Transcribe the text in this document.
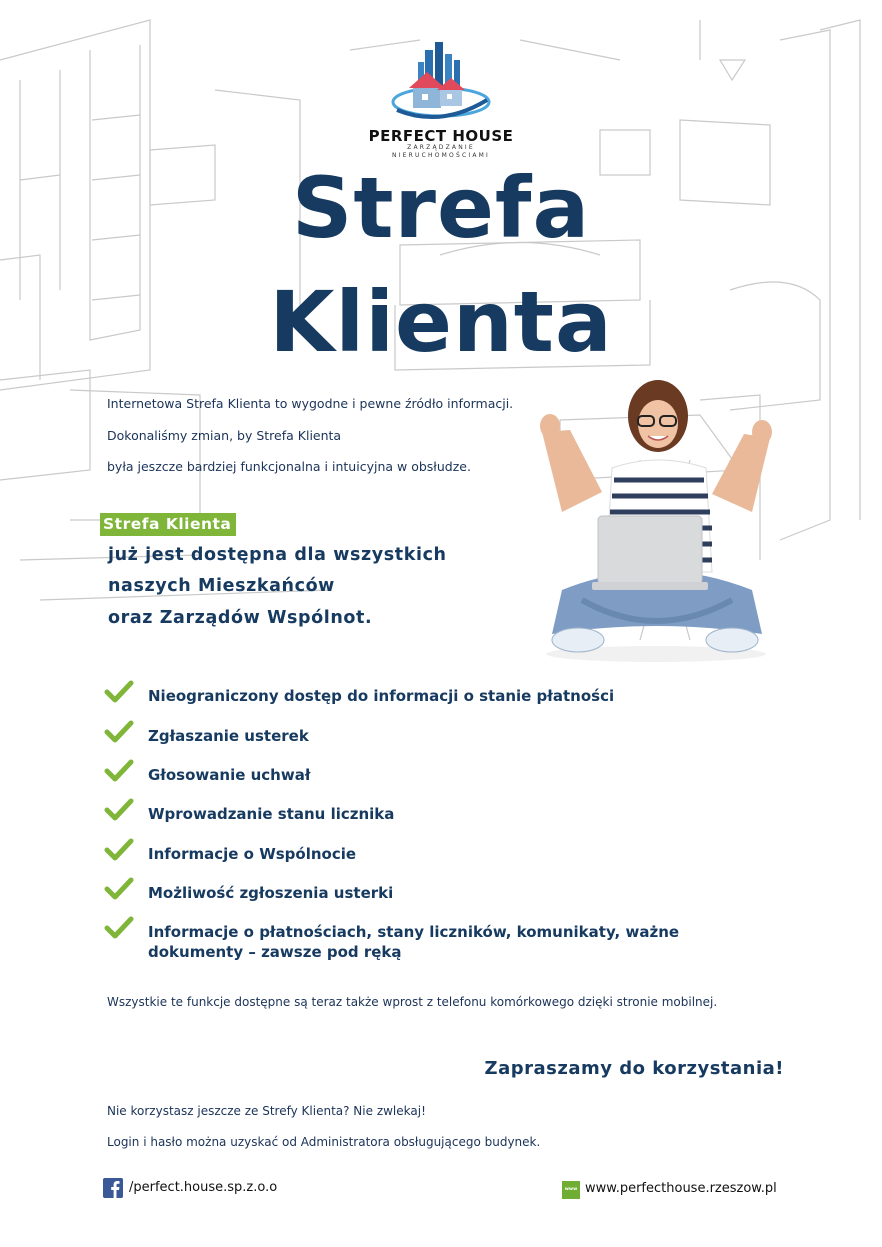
PERFECT HOUSE
ZARZĄDZANIE
NIERUCHOMOŚCIAMI
Strefa
Klienta
Internetowa Strefa Klienta to wygodne i pewne źródło informacji.
Dokonaliśmy zmian, by Strefa Klienta
była jeszcze bardziej funkcjonalna i intuicyjna w obsłudze.
Strefa Klienta
już jest dostępna dla wszystkich
naszych Mieszkańców
oraz Zarządów Wspólnot.
Nieograniczony dostęp do informacji o stanie płatności
Zgłaszanie usterek
Głosowanie uchwał
Wprowadzanie stanu licznika
Informacje o Wspólnocie
Możliwość zgłoszenia usterki
Informacje o płatnościach, stany liczników, komunikaty, ważne dokumenty – zawsze pod ręką
Wszystkie te funkcje dostępne są teraz także wprost z telefonu komórkowego dzięki stronie mobilnej.
Zapraszamy do korzystania!
Nie korzystasz jeszcze ze Strefy Klienta? Nie zwlekaj!
Login i hasło można uzyskać od Administratora obsługującego budynek.
/perfect.house.sp.z.o.o	www www.perfecthouse.rzeszow.pl
